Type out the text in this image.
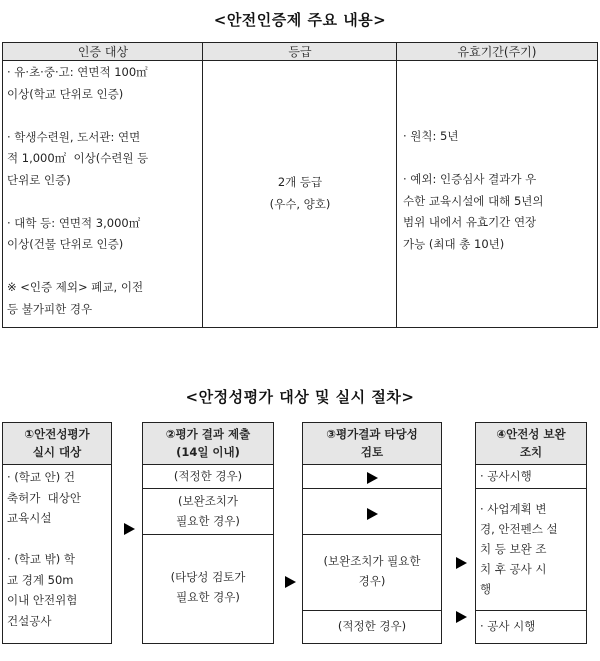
<안전인증제 주요 내용>
인증 대상	등급	유효기간(주기)

· 유·초·중·고: 연면적 100㎡

이상(학교 단위로 인증)

· 학생수련원, 도서관: 연면

적 1,000㎡  이상(수련원 등

단위로 인증)

· 대학 등: 연면적 3,000㎡

이상(건물 단위로 인증)

※ <인증 제외> 폐교, 이전

등 불가피한 경우

2개 등급

(우수, 양호)

· 원칙: 5년

· 예외: 인증심사 결과가 우

수한 교육시설에 대해 5년의

범위 내에서 유효기간 연장

가능 (최대 총 10년)

<안정성평가 대상 및 실시 절차>

①안전성평가

실시 대상

· (학교 안) 건

축허가  대상안

교육시설

· (학교 밖) 학

교 경계 50m

이내 안전위험

건설공사

②평가 결과 제출

(14일 이내)

(적정한 경우)

(보완조치가

필요한 경우)

(타당성 검토가

필요한 경우)

③평가결과 타당성

검토

(보완조치가 필요한

경우)

(적정한 경우)

④안전성 보완

조치

· 공사시행

· 사업계획 변

경, 안전펜스 설

치 등 보완 조

치 후 공사 시

행

· 공사 시행
